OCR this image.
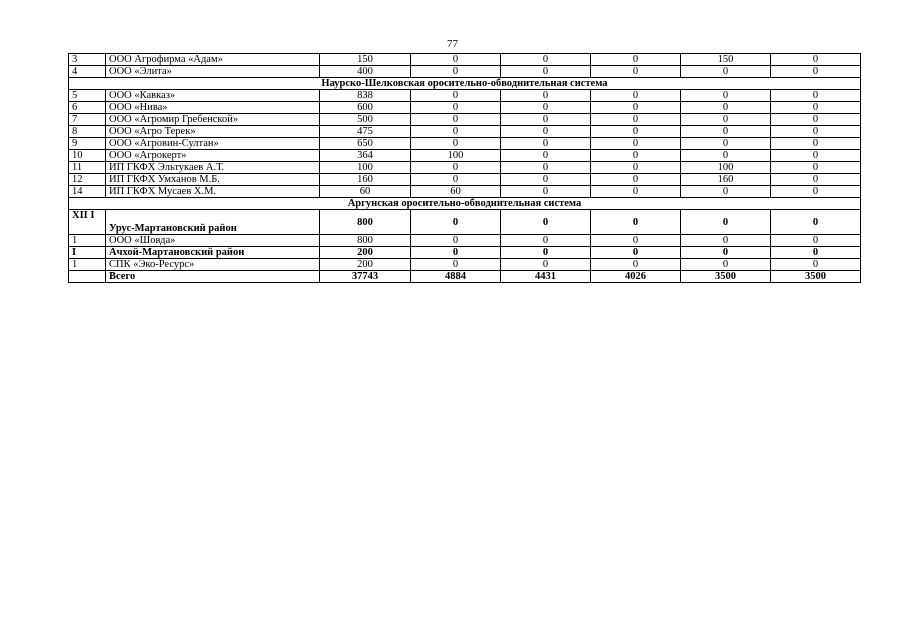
77
3	ООО Агрофирма «Адам»	150	0	0	0	150	0
4	ООО «Элита»	400	0	0	0	0	0
Наурско-Шелковская оросительно-обводнительная система							
5	ООО «Кавказ»	838	0	0	0	0	0
6	ООО «Нива»	600	0	0	0	0	0
7	ООО «Агромир Гребенской»	500	0	0	0	0	0
8	ООО «Агро Терек»	475	0	0	0	0	0
9	ООО «Агровин-Султан»	650	0	0	0	0	0
10	ООО «Агрокерт»	364	100	0	0	0	0
11	ИП ГКФХ Эльтукаев А.Т.	100	0	0	0	100	0
12	ИП ГКФХ Умханов М.Б.	160	0	0	0	160	0
14	ИП ГКФХ Мусаев Х.М.	60	60	0	0	0	0
Аргунская оросительно-обводнительная система							
XII I	Урус-Мартановский район	800	0	0	0	0	0
1	ООО «Шовда»	800	0	0	0	0	0
I	Ачхой-Мартановский район	200	0	0	0	0	0
1	СПК «Эко-Ресурс»	200	0	0	0	0	0
	Всего	37743	4884	4431	4026	3500	3500
